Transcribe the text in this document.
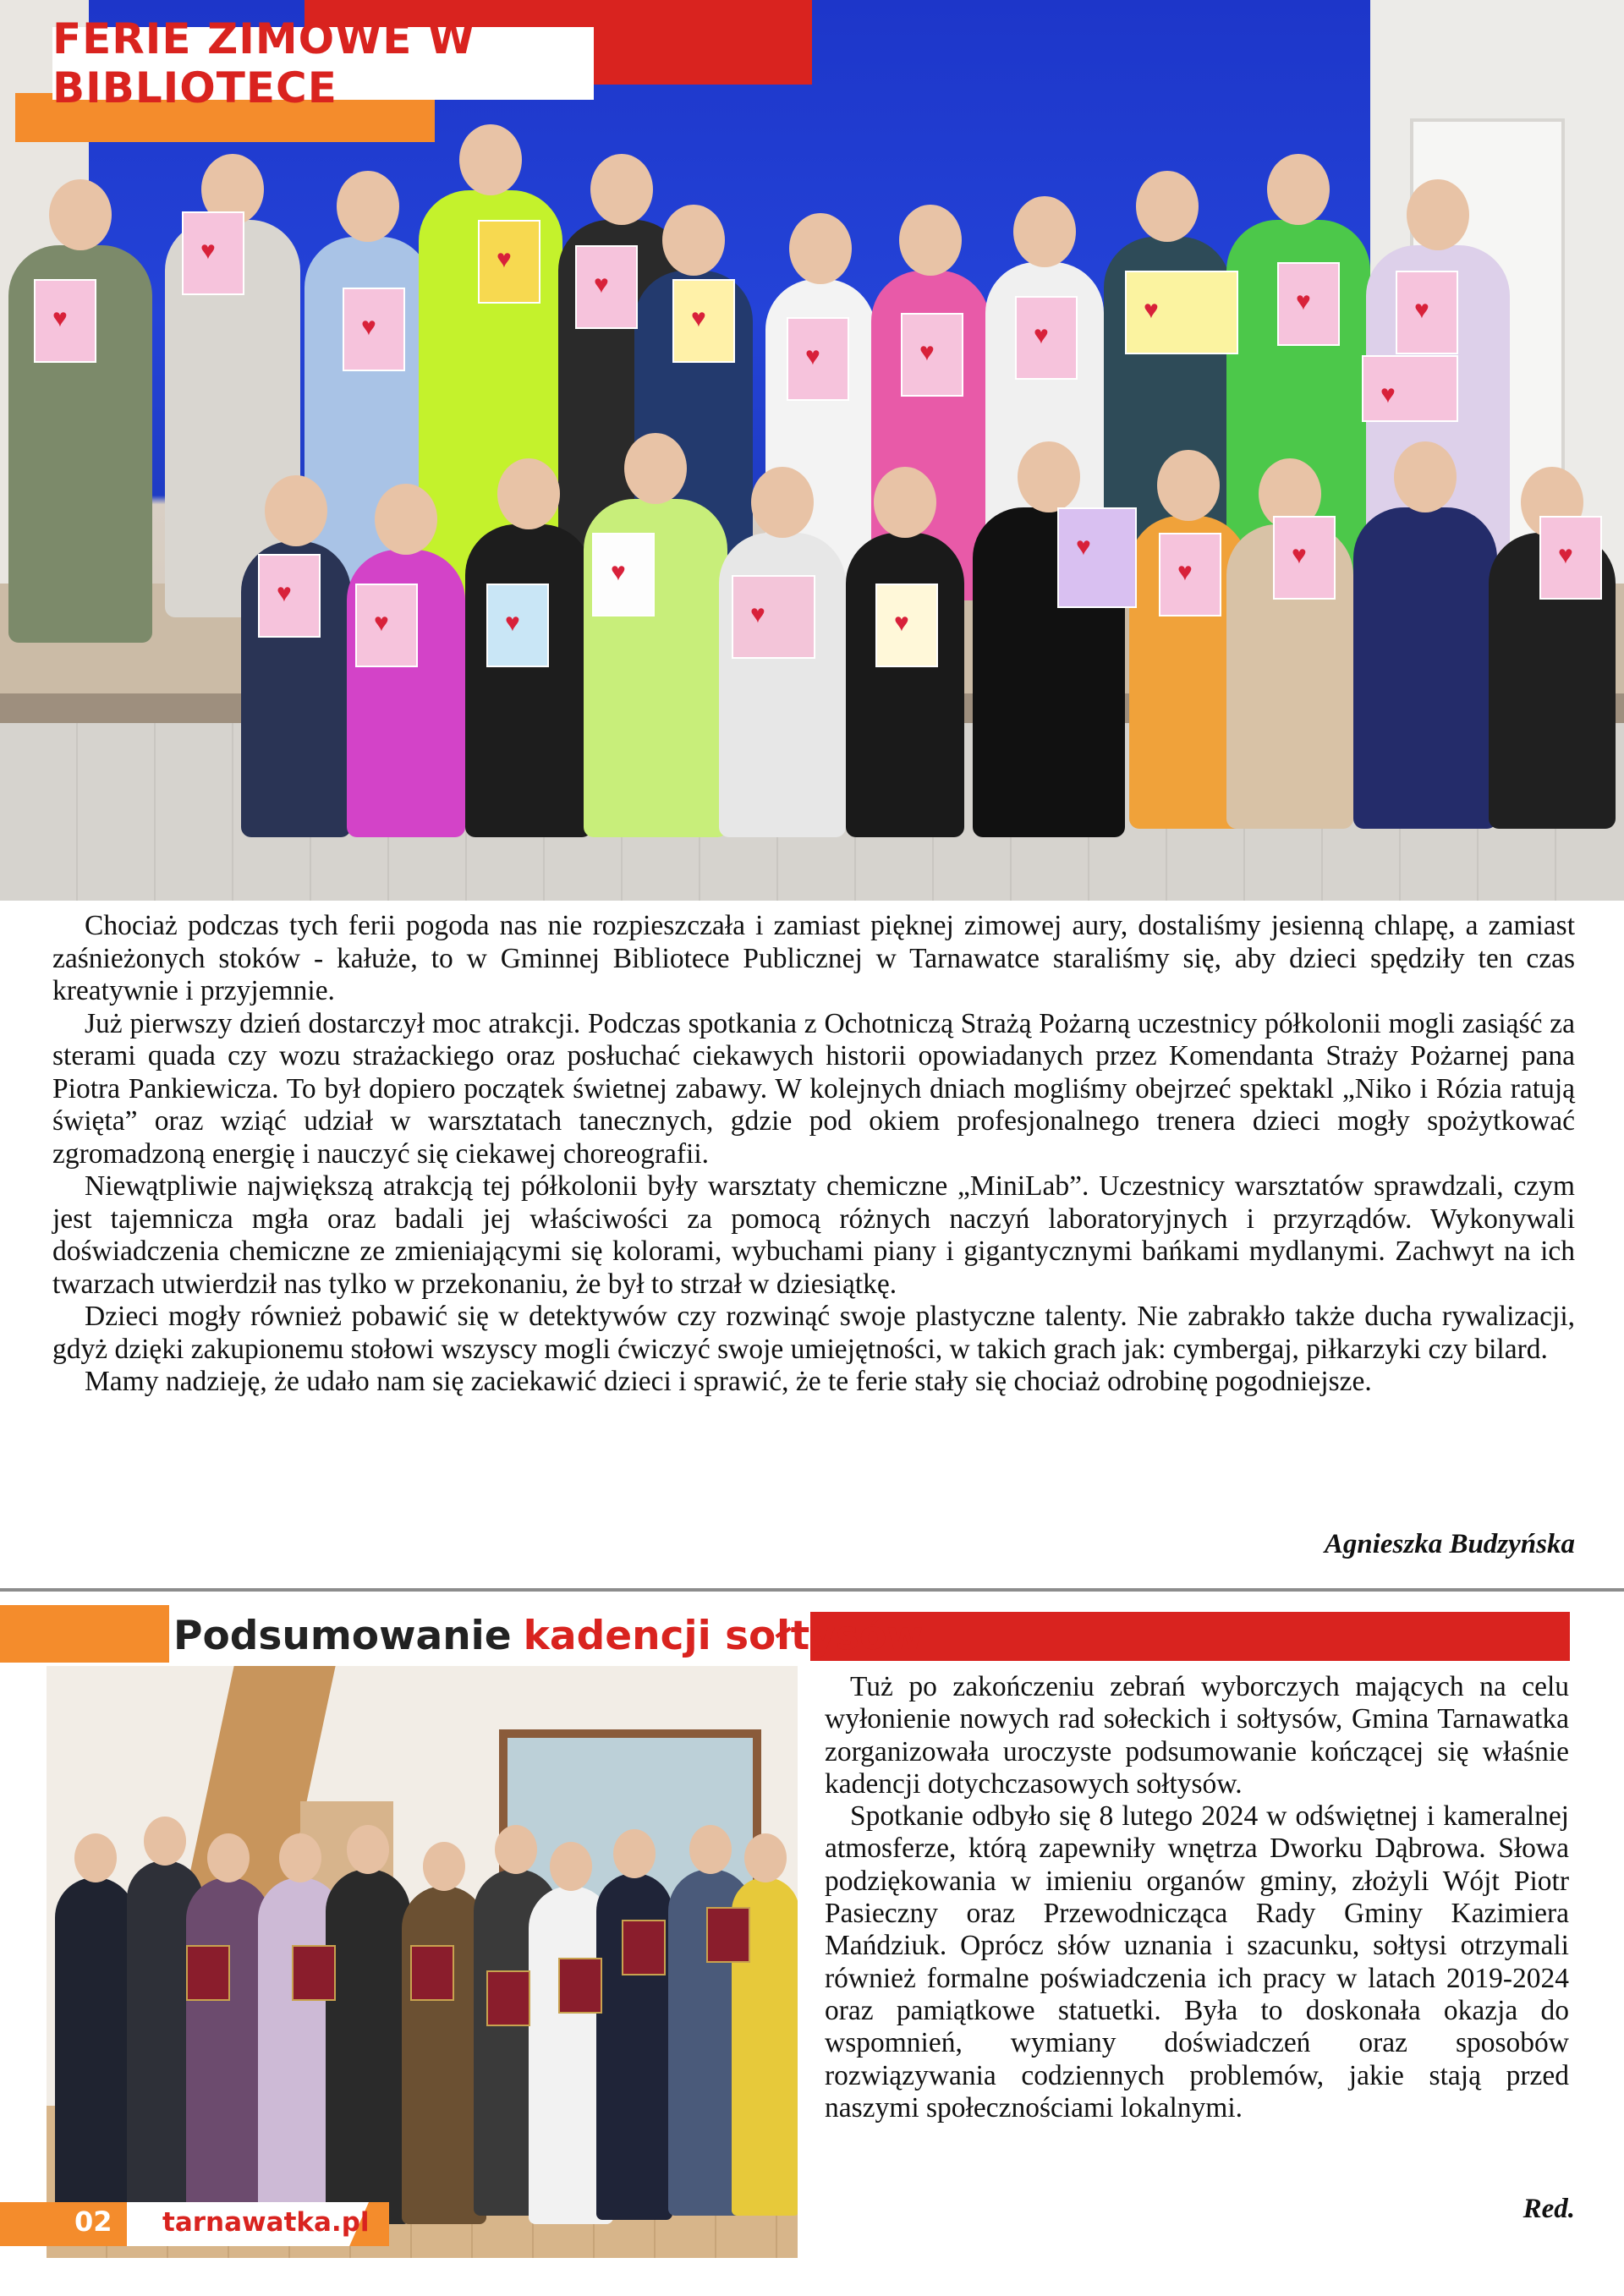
♥
♥
♥
♥
♥
♥
♥
♥
♥
♥
♥
♥
♥
♥
♥
♥
♥
♥
♥
♥
♥
♥
♥
FERIE ZIMOWE W BIBLIOTECE

Chociaż podczas tych ferii pogoda nas nie rozpieszczała i zamiast pięknej zimowej aury, dostaliśmy jesienną chlapę, a zamiast zaśnieżonych stoków - kałuże, to w Gminnej Bibliotece Publicznej w Tarnawatce staraliśmy się, aby dzieci spędziły ten czas kreatywnie i przyjemnie.

Już pierwszy dzień dostarczył moc atrakcji. Podczas spotkania z Ochotniczą Strażą Pożarną uczestnicy półkolonii mogli zasiąść za sterami quada czy wozu strażackiego oraz posłuchać ciekawych historii opowiadanych przez Komendanta Straży Pożarnej pana Piotra Pankiewicza. To był dopiero początek świetnej zabawy. W kolejnych dniach mogliśmy obejrzeć spektakl „Niko i Rózia ratują święta” oraz wziąć udział w warsztatach tanecznych, gdzie pod okiem profesjonalnego trenera dzieci mogły spożytkować zgromadzoną energię i nauczyć się ciekawej choreografii.

Niewątpliwie największą atrakcją tej półkolonii były warsztaty chemiczne „MiniLab”. Uczestnicy warsztatów sprawdzali, czym jest tajemnicza mgła oraz badali jej właściwości za pomocą różnych naczyń laboratoryjnych i przyrządów. Wykonywali doświadczenia chemiczne ze zmieniającymi się kolorami, wybuchami piany i gigantycznymi bańkami mydlanymi. Zachwyt na ich twarzach utwierdził nas tylko w przekonaniu, że był to strzał w dziesiątkę.

Dzieci mogły również pobawić się w detektywów czy rozwinąć swoje plastyczne talenty. Nie zabrakło także ducha rywalizacji, gdyż dzięki zakupionemu stołowi wszyscy mogli ćwiczyć swoje umiejętności, w takich grach jak: cymbergaj, piłkarzyki czy bilard.

Mamy nadzieję, że udało nam się zaciekawić dzieci i sprawić, że te ferie stały się chociaż odrobinę pogodniejsze.

Agnieszka Budzyńska
Podsumowanie kadencji sołtysów

Tuż po zakończeniu zebrań wyborczych mających na celu wyłonienie nowych rad sołeckich i sołtysów, Gmina Tarnawatka zorganizowała uroczyste podsumowanie kończącej się właśnie kadencji dotychczasowych sołtysów.

Spotkanie odbyło się 8 lutego 2024 w odświętnej i kameralnej atmosferze, którą zapewniły wnętrza Dworku Dąbrowa. Słowa podziękowania w imieniu organów gminy, złożyli Wójt Piotr Pasieczny oraz Przewodnicząca Rady Gminy Kazimiera Mańdziuk. Oprócz słów uznania i szacunku, sołtysi otrzymali również formalne poświadczenia ich pracy w latach 2019-2024 oraz pamiątkowe statuetki. Była to doskonała okazja do wspomnień, wymiany doświadczeń oraz sposobów rozwiązywania codziennych problemów, jakie stają przed naszymi społecznościami lokalnymi.

Red.
02 tarnawatka.pl
